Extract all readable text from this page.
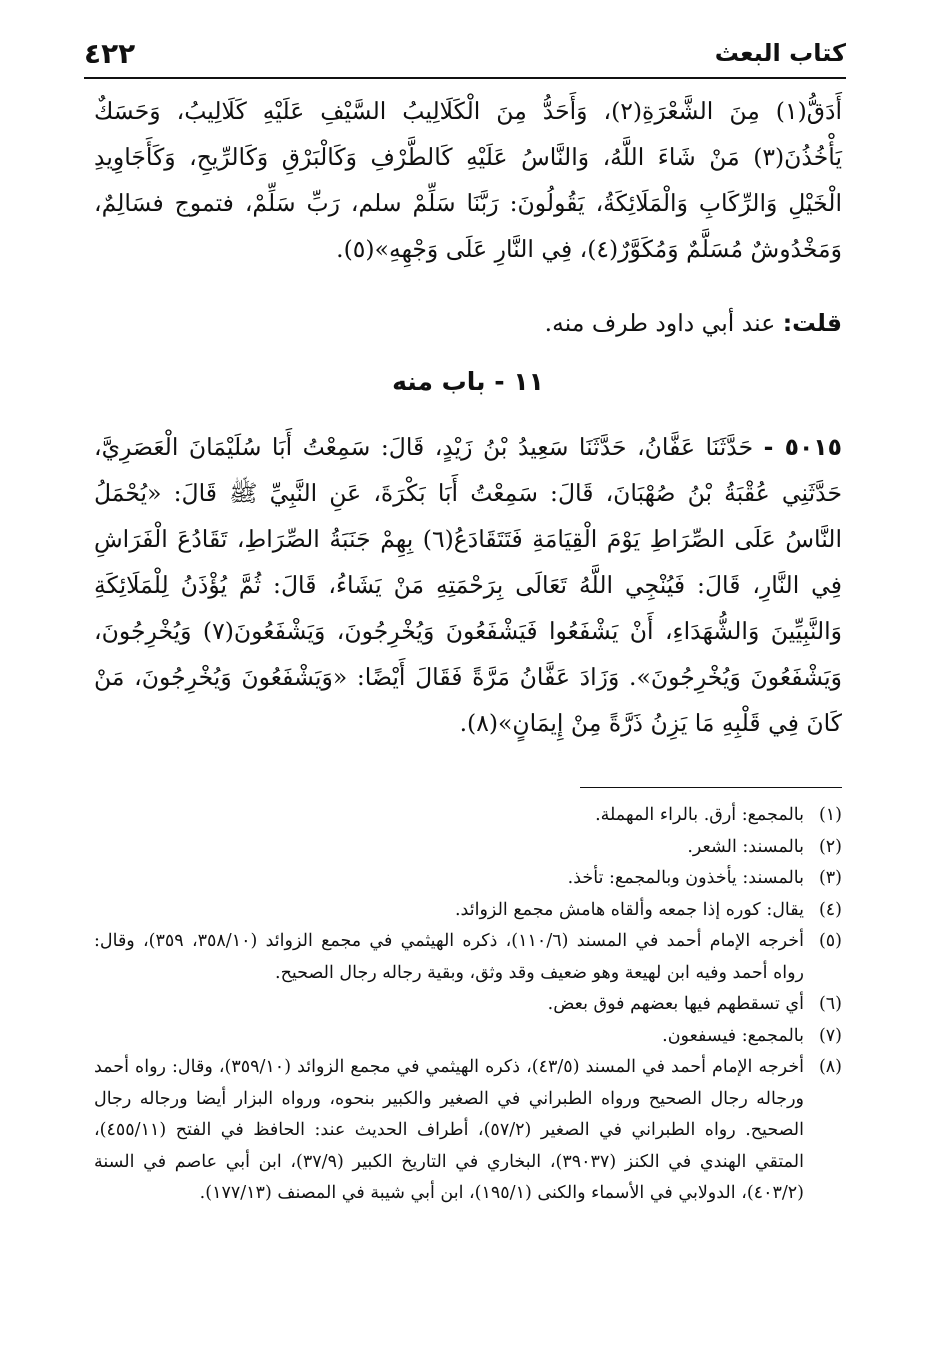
كتاب البعث
٤٢٢

أَدَقُّ(١) مِنَ الشَّعْرَةِ(٢)، وَأَحَدُّ مِنَ الْكَلَالِيبُ السَّيْفِ عَلَيْهِ كَلَالِيبُ، وَحَسَكٌ يَأْخُذُنَ(٣) مَنْ شَاءَ اللَّهُ، وَالنَّاسُ عَلَيْهِ كَالطَّرْفِ وَكَالْبَرْقِ وَكَالرِّيحِ، وَكَأَجَاوِيدِ الْخَيْلِ وَالرِّكَابِ وَالْمَلَائِكَةُ، يَقُولُونَ: رَبَّنَا سَلِّمْ سلم، رَبِّ سَلِّمْ، فتموج فسَالِمٌ، وَمَخْدُوشٌ مُسَلَّمٌ وَمُكَوَّرٌ(٤)، فِي النَّارِ عَلَى وَجْهِهِ»(٥).

قلت: عند أبي داود طرف منه.

١١ - باب منه

٥٠١٥ - حَدَّثَنَا عَفَّانُ، حَدَّثَنَا سَعِيدُ بْنُ زَيْدٍ، قَالَ: سَمِعْتُ أَبَا سُلَيْمَانَ الْعَصَرِيَّ، حَدَّثَنِي عُقْبَةُ بْنُ صُهْبَانَ، قَالَ: سَمِعْتُ أَبَا بَكْرَةَ، عَنِ النَّبِيِّ ﷺ قَالَ: «يُحْمَلُ النَّاسُ عَلَى الصِّرَاطِ يَوْمَ الْقِيَامَةِ فَتَتَقَادَعُ(٦) بِهِمْ جَنَبَةُ الصِّرَاطِ، تَقَادُعَ الْفَرَاشِ فِي النَّارِ، قَالَ: فَيُنْجِي اللَّهُ تَعَالَى بِرَحْمَتِهِ مَنْ يَشَاءُ، قَالَ: ثُمَّ يُؤْذَنُ لِلْمَلَائِكَةِ وَالنَّبِيِّينَ وَالشُّهَدَاءِ، أَنْ يَشْفَعُوا فَيَشْفَعُونَ وَيُخْرِجُونَ، وَيَشْفَعُونَ(٧) وَيُخْرِجُونَ، وَيَشْفَعُونَ وَيُخْرِجُونَ». وَزَادَ عَفَّانُ مَرَّةً فَقَالَ أَيْضًا: «وَيَشْفَعُونَ وَيُخْرِجُونَ، مَنْ كَانَ فِي قَلْبِهِ مَا يَزِنُ ذَرَّةً مِنْ إِيمَانٍ»(٨).

(١)
بالمجمع: أرق. بالراء المهملة.

(٢)
بالمسند: الشعر.

(٣)
بالمسند: يأخذون وبالمجمع: تأخذ.

(٤)
يقال: كوره إذا جمعه وألقاه هامش مجمع الزوائد.

(٥)
أخرجه الإمام أحمد في المسند (١١٠/٦)، ذكره الهيثمي في مجمع الزوائد (٣٥٨/١٠، ٣٥٩)، وقال: رواه أحمد وفيه ابن لهيعة وهو ضعيف وقد وثق، وبقية رجاله رجال الصحيح.

(٦)
أي تسقطهم فيها بعضهم فوق بعض.

(٧)
بالمجمع: فيسفعون.

(٨)
أخرجه الإمام أحمد في المسند (٤٣/٥)، ذكره الهيثمي في مجمع الزوائد (٣٥٩/١٠)، وقال: رواه أحمد ورجاله رجال الصحيح ورواه الطبراني في الصغير والكبير بنحوه، ورواه البزار أيضا ورجاله رجال الصحيح. رواه الطبراني في الصغير (٥٧/٢)، أطراف الحديث عند: الحافظ في الفتح (٤٥٥/١١)، المتقي الهندي في الكنز (٣٩٠٣٧)، البخاري في التاريخ الكبير (٣٧/٩)، ابن أبي عاصم في السنة (٤٠٣/٢)، الدولابي في الأسماء والكنى (١٩٥/١)، ابن أبي شيبة في المصنف (١٧٧/١٣).
